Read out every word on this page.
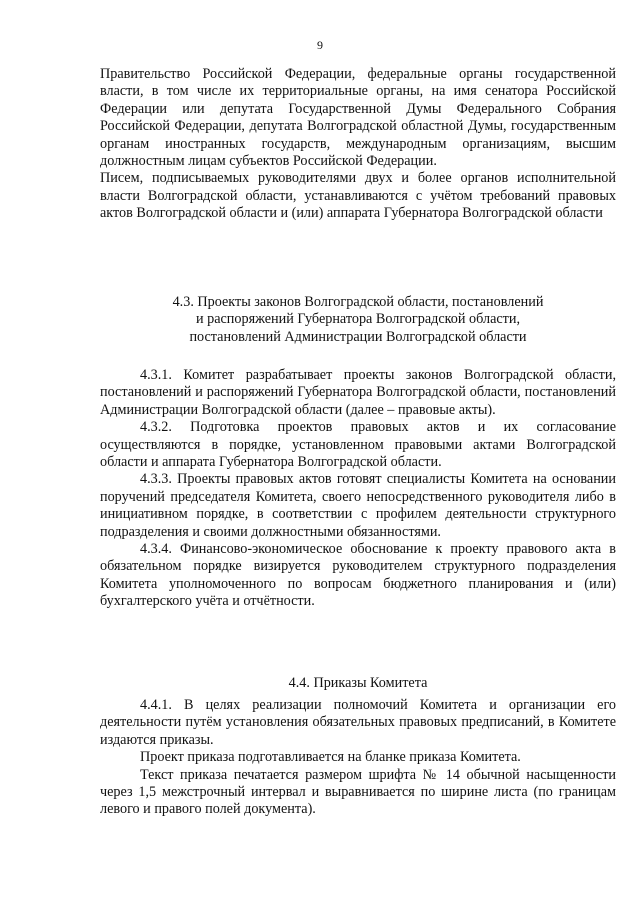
9

Правительство Российской Федерации, федеральные органы государственной власти, в том числе их территориальные органы, на имя сенатора Российской Федерации или депутата Государственной Думы Федерального Собрания Российской Федерации, депутата Волгоградской областной Думы, государственным органам иностранных государств, международным организациям, высшим должностным лицам субъектов Российской Федерации.

Писем, подписываемых руководителями двух и более органов исполнительной власти Волгоградской области, устанавливаются с учётом требований правовых актов Волгоградской области и (или) аппарата Губернатора Волгоградской области

4.3. Проекты законов Волгоградской области, постановлений

и распоряжений Губернатора Волгоградской области,

постановлений Администрации Волгоградской области

4.3.1. Комитет разрабатывает проекты законов Волгоградской области, постановлений и распоряжений Губернатора Волгоградской области, постановлений Администрации Волгоградской области (далее – правовые акты).

4.3.2. Подготовка проектов правовых актов и их согласование осуществляются в порядке, установленном правовыми актами Волгоградской области и аппарата Губернатора Волгоградской области.

4.3.3. Проекты правовых актов готовят специалисты Комитета на основании поручений председателя Комитета, своего непосредственного руководителя либо в инициативном порядке, в соответствии с профилем деятельности структурного подразделения и своими должностными обязанностями.

4.3.4. Финансово-экономическое обоснование к проекту правового акта в обязательном порядке визируется руководителем структурного подразделения Комитета уполномоченного по вопросам бюджетного планирования и (или) бухгалтерского учёта и отчётности.

4.4. Приказы Комитета

4.4.1. В целях реализации полномочий Комитета и организации его деятельности путём установления обязательных правовых предписаний, в Комитете издаются приказы.

Проект приказа подготавливается на бланке приказа Комитета.

Текст приказа печатается размером шрифта № 14 обычной насыщенности через 1,5 межстрочный интервал и выравнивается по ширине листа (по границам левого и правого полей документа).
